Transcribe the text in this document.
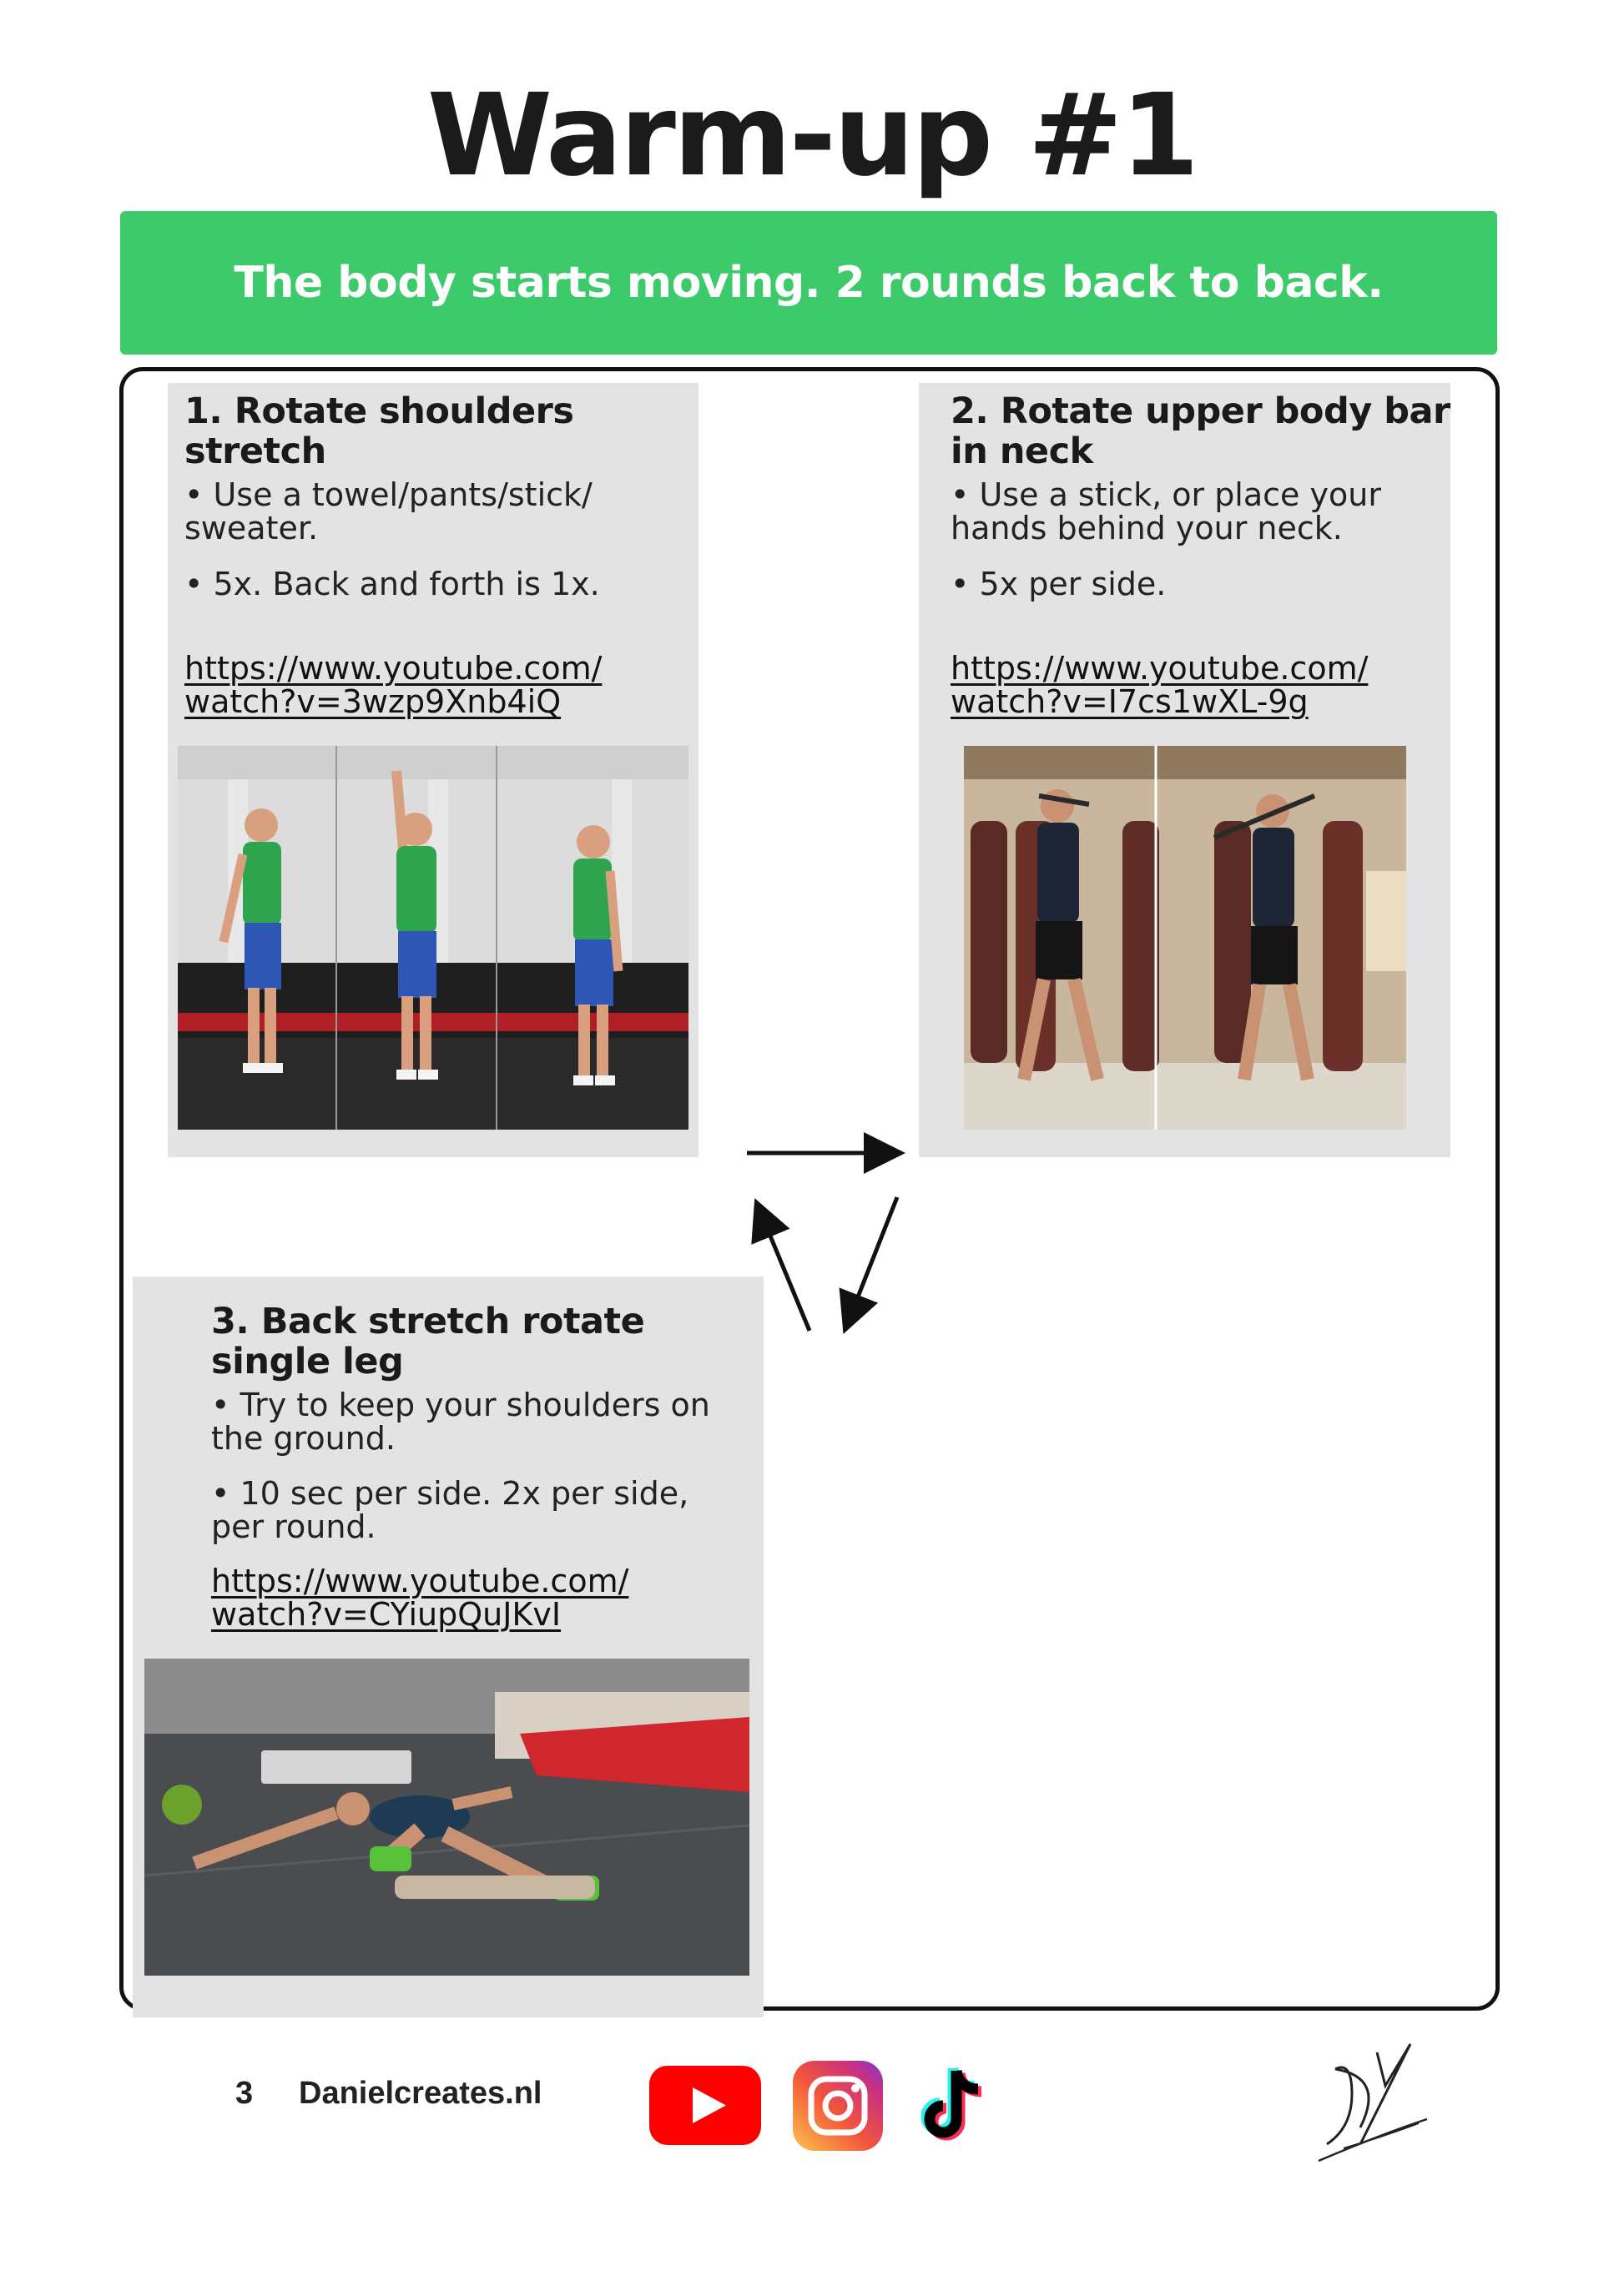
Warm-up #1
The body starts moving. 2 rounds back to back.
1. Rotate shoulders
stretch

• Use a towel/pants/stick/
sweater.

• 5x. Back and forth is 1x.

https://www.youtube.com/
watch?v=3wzp9Xnb4iQ
2. Rotate upper body bar
in neck

• Use a stick, or place your
hands behind your neck.

• 5x per side.

https://www.youtube.com/
watch?v=I7cs1wXL-9g
3. Back stretch rotate
single leg

• Try to keep your shoulders on
the ground.

• 10 sec per side. 2x per side,
per round.

https://www.youtube.com/
watch?v=CYiupQuJKvI
3 Danielcreates.nl
